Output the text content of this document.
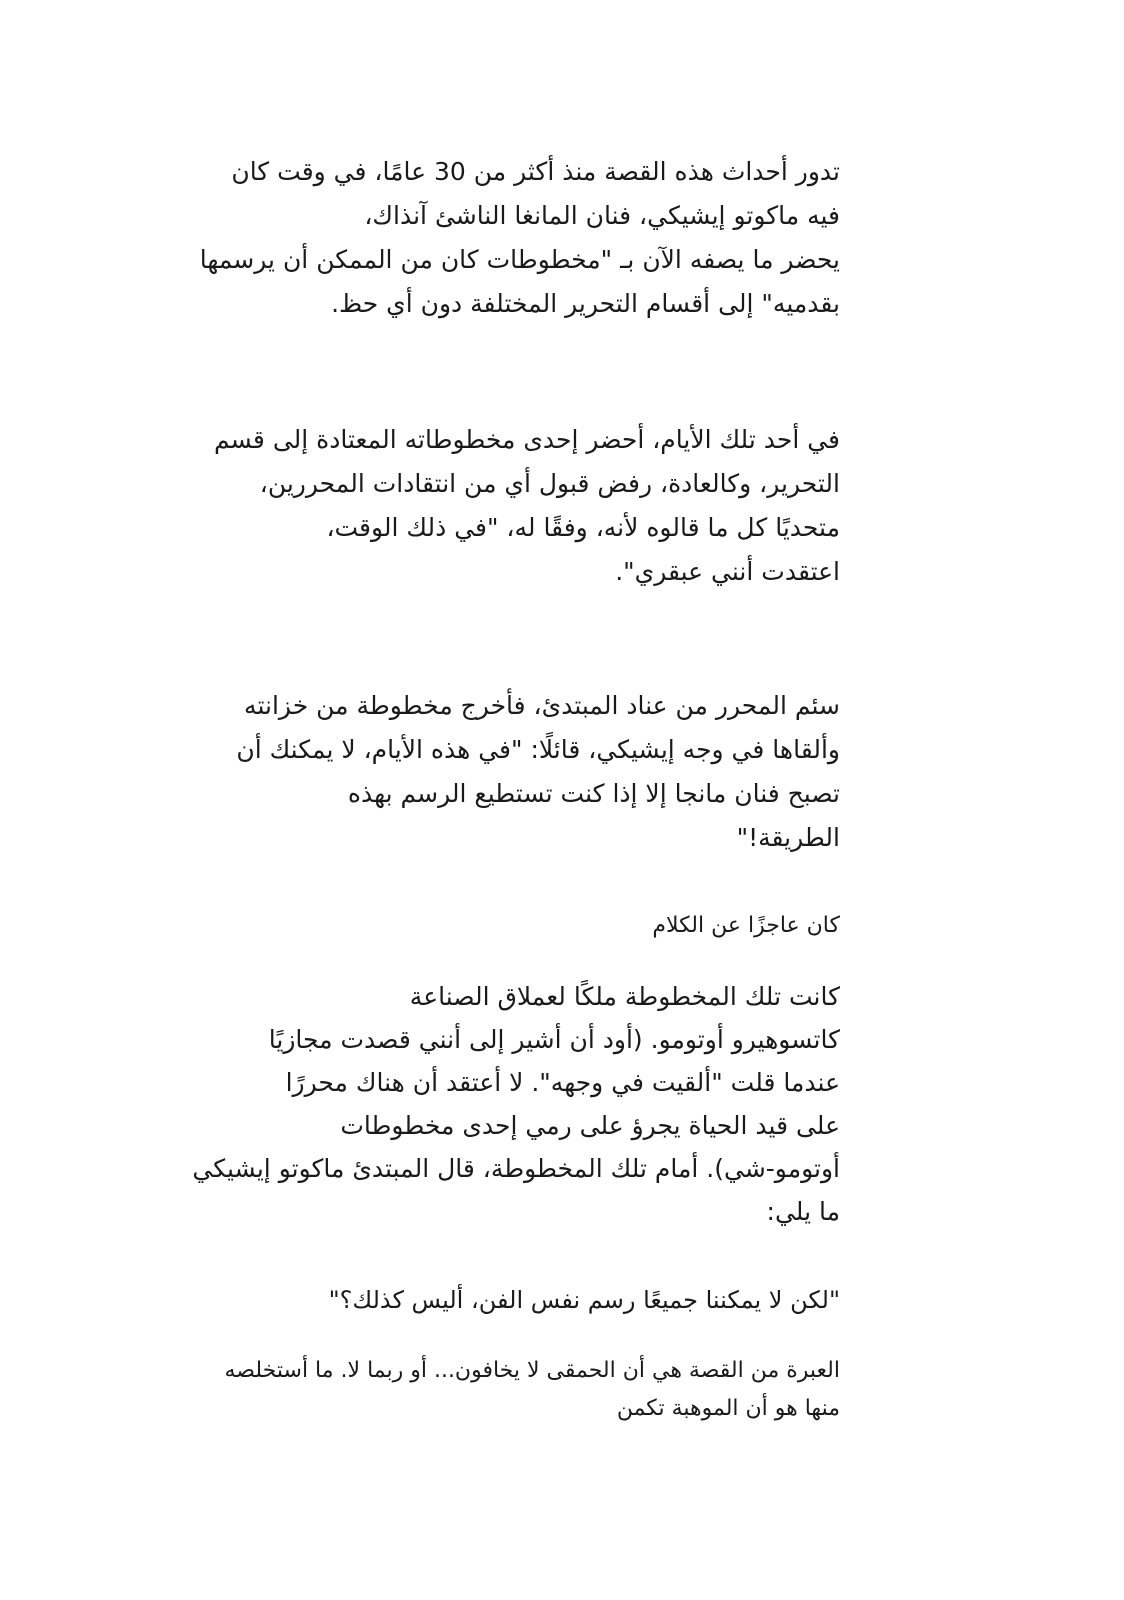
تدور أحداث هذه القصة منذ أكثر من 30 عامًا، في وقت كان
فيه ماكوتو إيشيكي، فنان المانغا الناشئ آنذاك،
يحضر ما يصفه الآن بـ "مخطوطات كان من الممكن أن يرسمها
بقدميه" إلى أقسام التحرير المختلفة دون أي حظ.
في أحد تلك الأيام، أحضر إحدى مخطوطاته المعتادة إلى قسم
التحرير، وكالعادة، رفض قبول أي من انتقادات المحررين،
متحديًا كل ما قالوه لأنه، وفقًا له، "في ذلك الوقت،
اعتقدت أنني عبقري".
سئم المحرر من عناد المبتدئ، فأخرج مخطوطة من خزانته
وألقاها في وجه إيشيكي، قائلًا: "في هذه الأيام، لا يمكنك أن
تصبح فنان مانجا إلا إذا كنت تستطيع الرسم بهذه
الطريقة!"
كان عاجزًا عن الكلام
كانت تلك المخطوطة ملكًا لعملاق الصناعة
كاتسوهيرو أوتومو. (أود أن أشير إلى أنني قصدت مجازيًا
عندما قلت "ألقيت في وجهه". لا أعتقد أن هناك محررًا
على قيد الحياة يجرؤ على رمي إحدى مخطوطات
أوتومو-شي). أمام تلك المخطوطة، قال المبتدئ ماكوتو إيشيكي
ما يلي:
"لكن لا يمكننا جميعًا رسم نفس الفن، أليس كذلك؟"
العبرة من القصة هي أن الحمقى لا يخافون... أو ربما لا. ما أستخلصه
منها هو أن الموهبة تكمن
